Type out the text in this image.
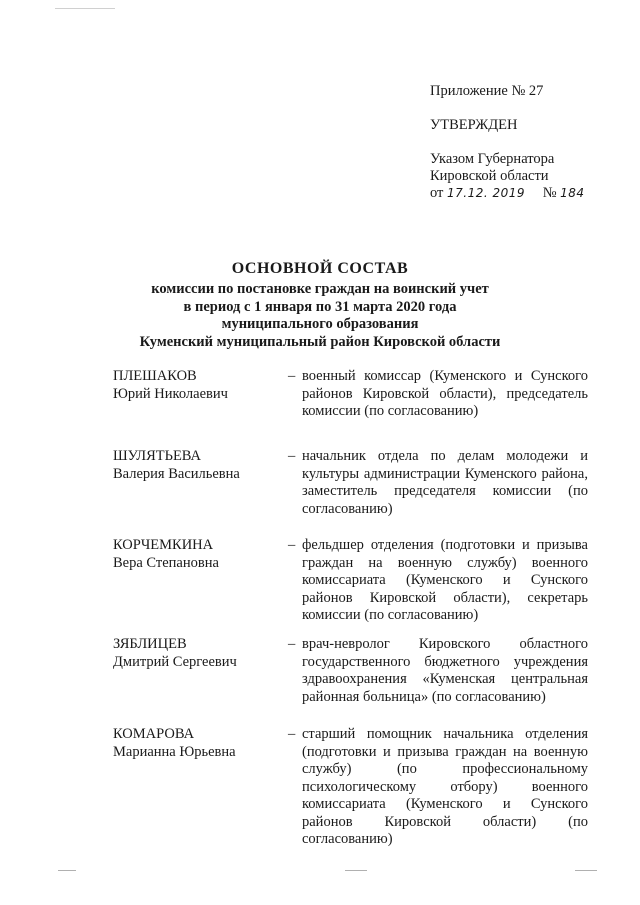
Приложение № 27
УТВЕРЖДЕН
Указом Губернатора
Кировской области
от 17.12. 2019 № 184
ОСНОВНОЙ СОСТАВ
комиссии по постановке граждан на воинский учет
в период с 1 января по 31 марта 2020 года
муниципального образования
Куменский муниципальный район Кировской области
ПЛЕШАКОВ
Юрий Николаевич
– военный комиссар (Куменского и Сунского районов Кировской области), председатель комиссии (по согласованию)
ШУЛЯТЬЕВА
Валерия Васильевна
– начальник отдела по делам молодежи и культуры администрации Куменского района, заместитель председателя комиссии (по согласованию)
КОРЧЕМКИНА
Вера Степановна
– фельдшер отделения (подготовки и призыва граждан на военную службу) военного комиссариата (Куменского и Сунского районов Кировской области), секретарь комиссии (по согласованию)
ЗЯБЛИЦЕВ
Дмитрий Сергеевич
– врач-невролог Кировского областного государственного бюджетного учреждения здравоохранения «Куменская центральная районная больница» (по согласованию)
КОМАРОВА
Марианна Юрьевна
– старший помощник начальника отделения (подготовки и призыва граждан на военную службу) (по профессиональному психологическому отбору) военного комиссариата (Куменского и Сунского районов Кировской области) (по согласованию)
